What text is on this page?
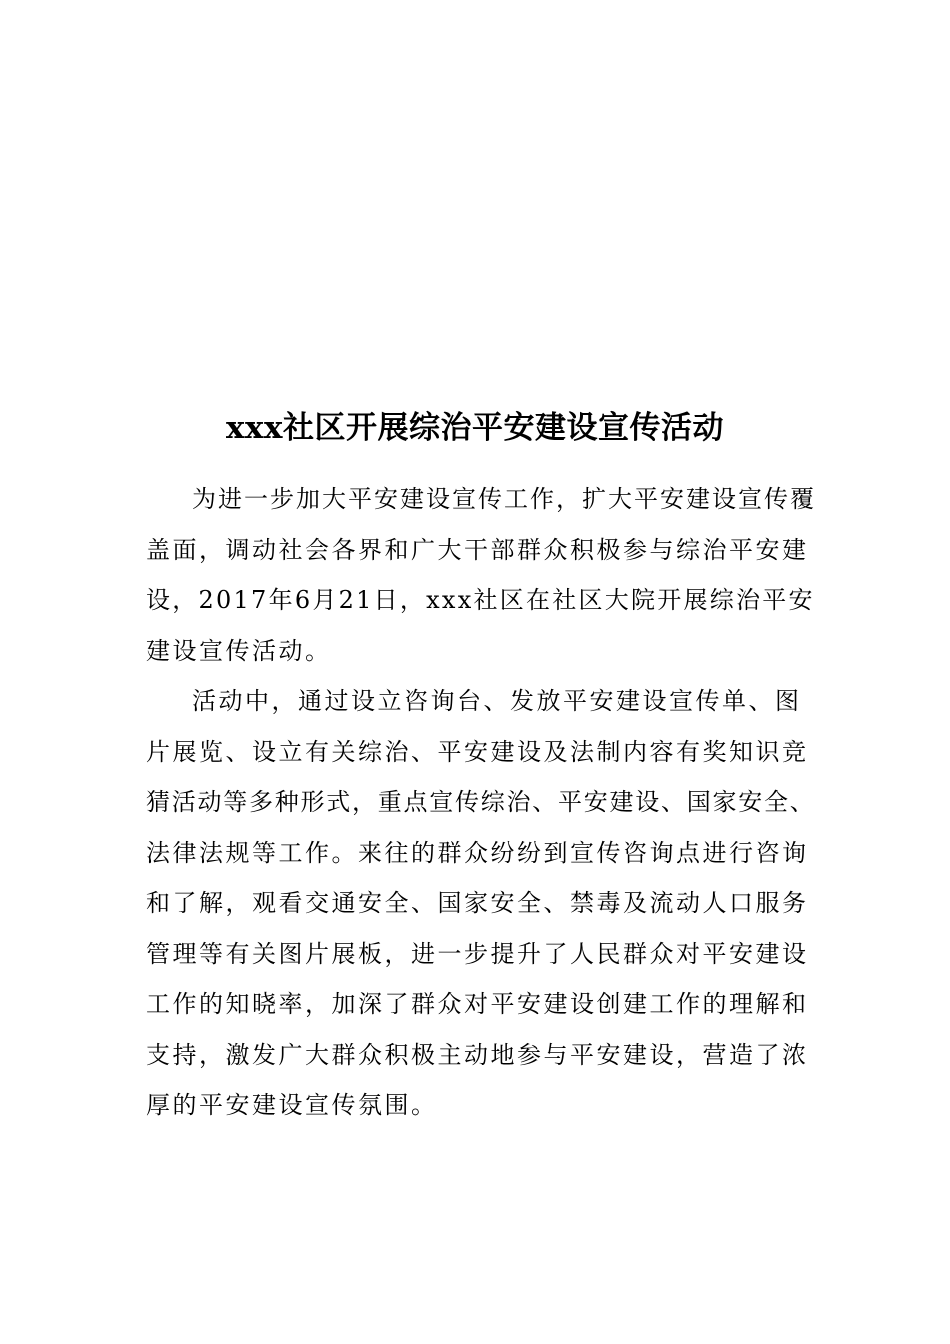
xxx社区开展综治平安建设宣传活动
为进一步加大平安建设宣传工作，扩大平安建设宣传覆
盖面，调动社会各界和广大干部群众积极参与综治平安建
设，2017年6月21日，xxx社区在社区大院开展综治平安
建设宣传活动。
活动中，通过设立咨询台、发放平安建设宣传单、图
片展览、设立有关综治、平安建设及法制内容有奖知识竞
猜活动等多种形式，重点宣传综治、平安建设、国家安全、
法律法规等工作。来往的群众纷纷到宣传咨询点进行咨询
和了解，观看交通安全、国家安全、禁毒及流动人口服务
管理等有关图片展板，进一步提升了人民群众对平安建设
工作的知晓率，加深了群众对平安建设创建工作的理解和
支持，激发广大群众积极主动地参与平安建设，营造了浓
厚的平安建设宣传氛围。
